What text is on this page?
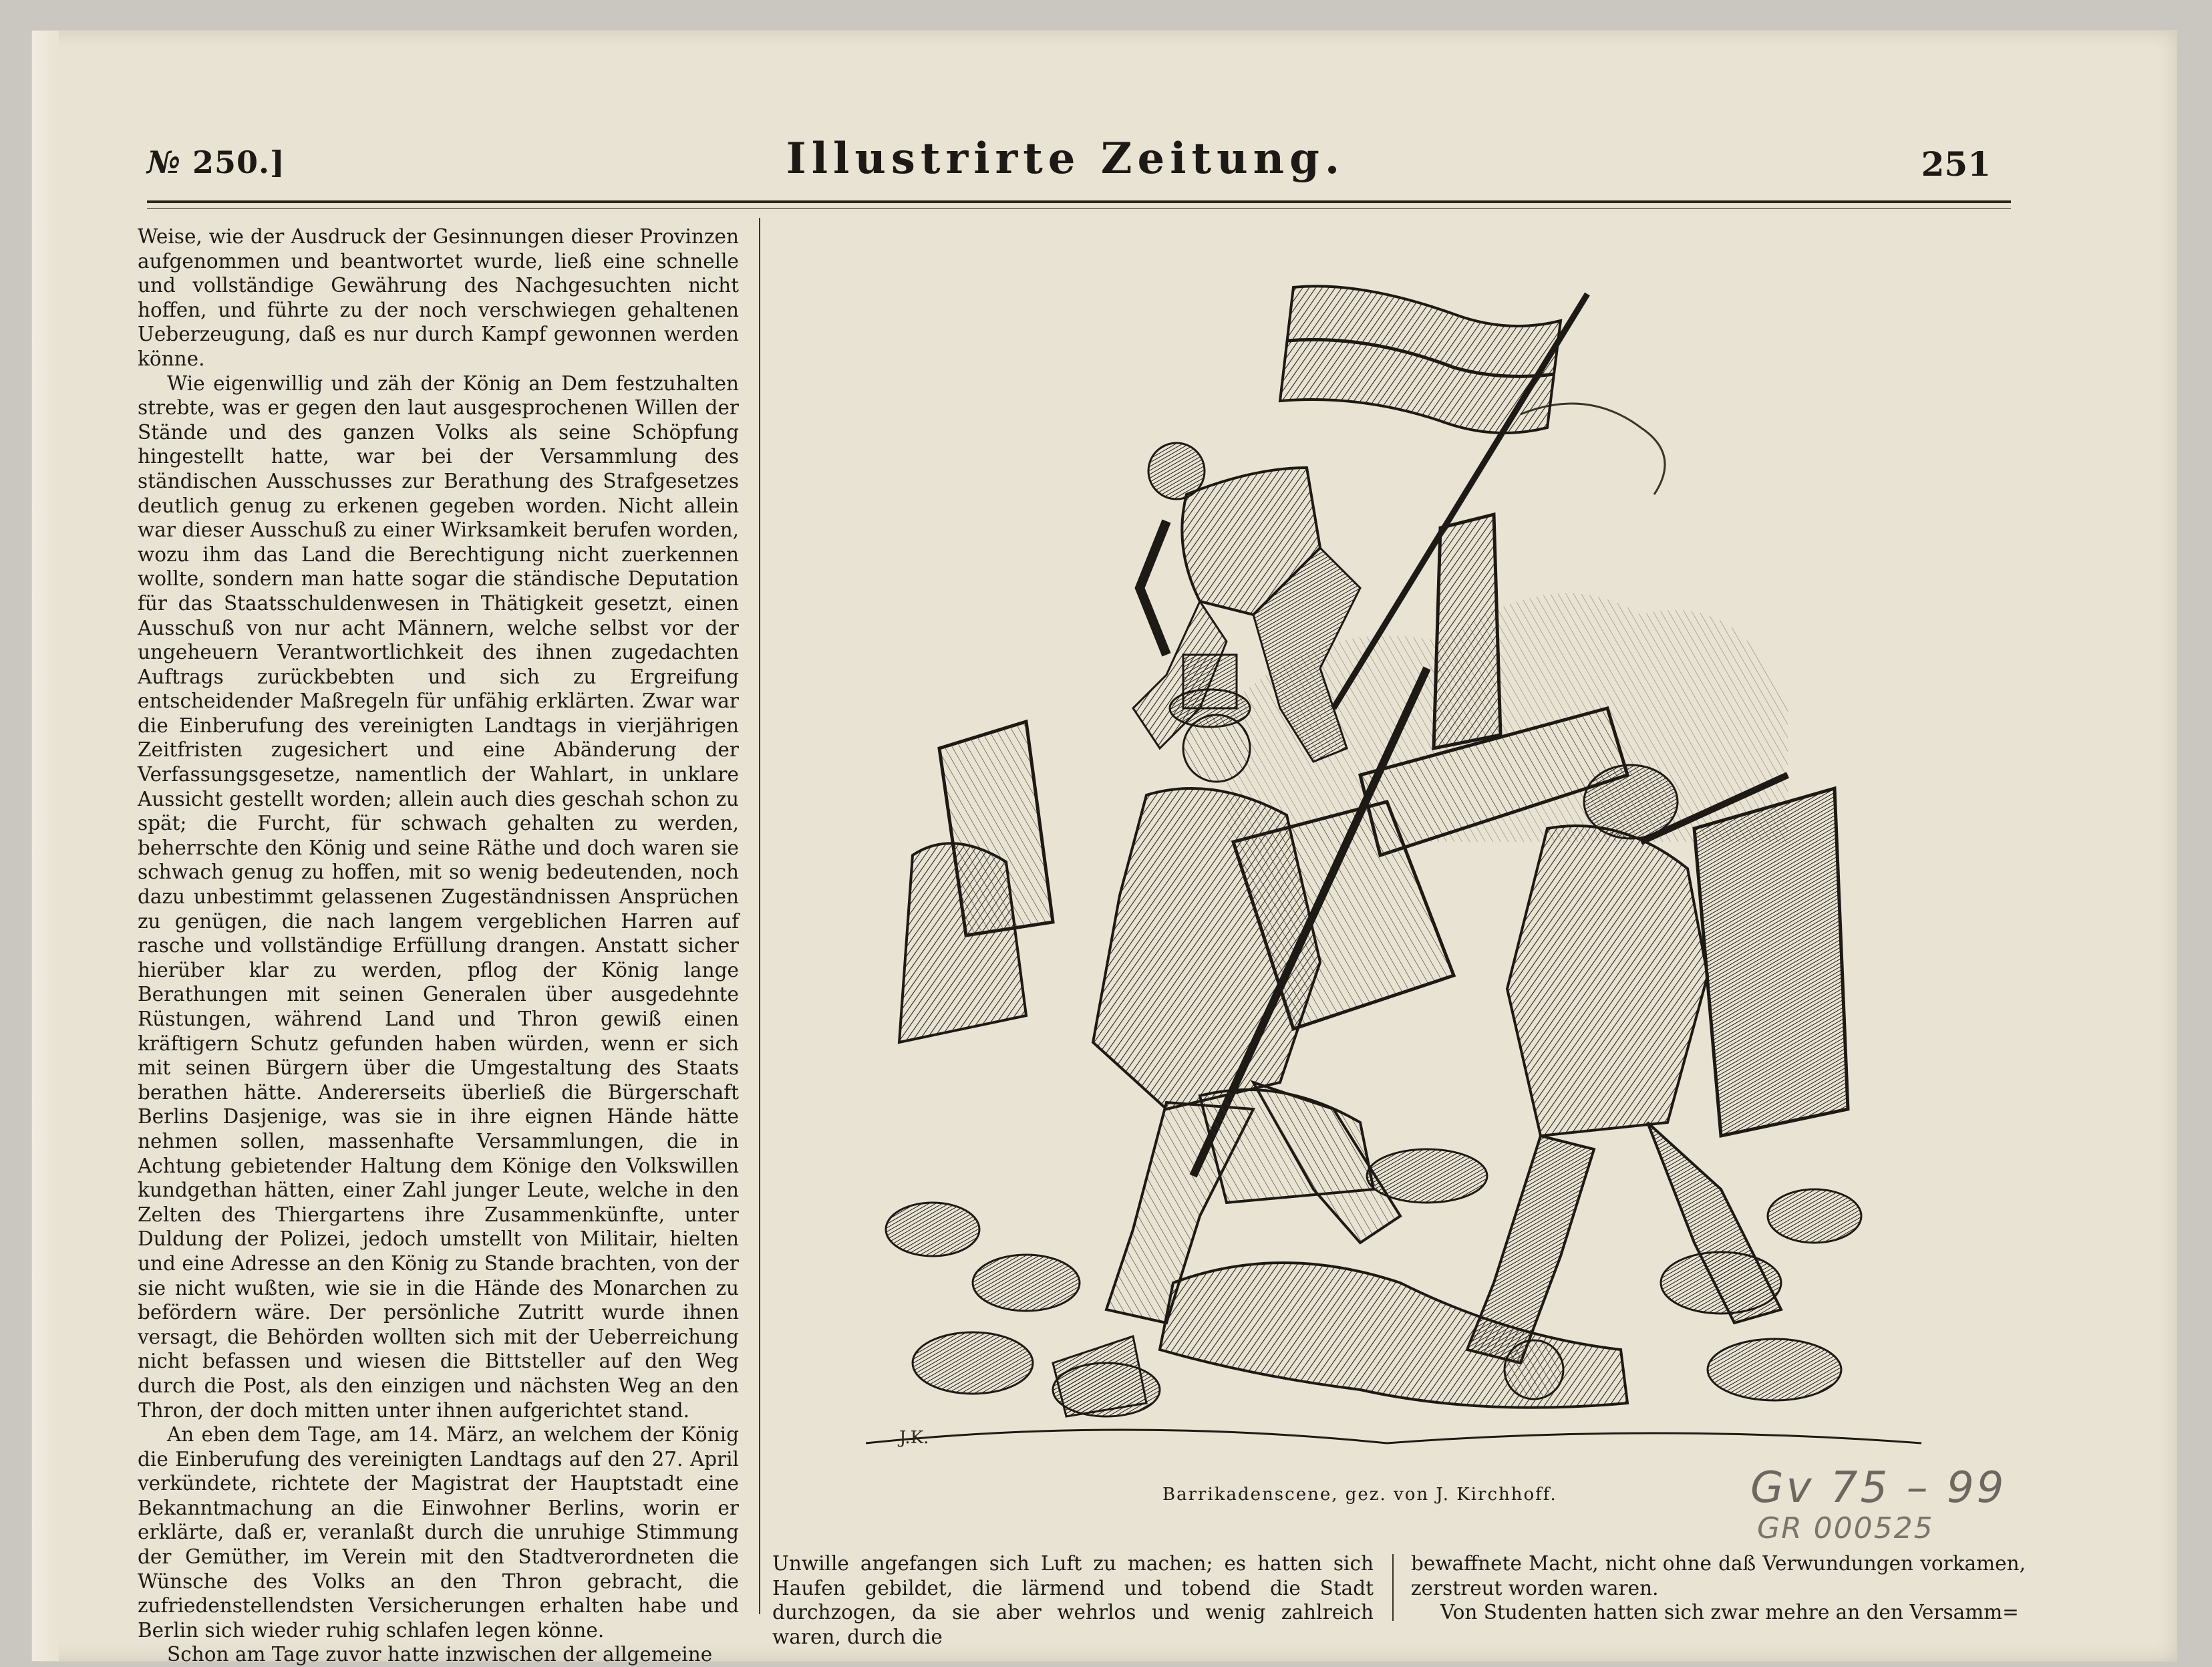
№ 250.]	Illustrirte Zeitung.	251

Weise, wie der Ausdruck der Gesinnungen dieser Provinzen aufgenommen und beantwortet wurde, ließ eine schnelle und vollständige Gewährung des Nachgesuchten nicht hoffen, und führte zu der noch verschwiegen gehaltenen Ueberzeugung, daß es nur durch Kampf gewonnen werden könne.

Wie eigenwillig und zäh der König an Dem festzuhalten strebte, was er gegen den laut ausgesprochenen Willen der Stände und des ganzen Volks als seine Schöpfung hingestellt hatte, war bei der Versammlung des ständischen Ausschusses zur Berathung des Strafgesetzes deutlich genug zu erkenen gegeben worden. Nicht allein war dieser Ausschuß zu einer Wirksamkeit berufen worden, wozu ihm das Land die Berechtigung nicht zuerkennen wollte, sondern man hatte sogar die ständische Deputation für das Staatsschuldenwesen in Thätigkeit gesetzt, einen Ausschuß von nur acht Männern, welche selbst vor der ungeheuern Verantwortlichkeit des ihnen zugedachten Auftrags zurückbebten und sich zu Ergreifung entscheidender Maßregeln für unfähig erklärten. Zwar war die Einberufung des vereinigten Landtags in vierjährigen Zeitfristen zugesichert und eine Abänderung der Verfassungsgesetze, namentlich der Wahlart, in unklare Aussicht gestellt worden; allein auch dies geschah schon zu spät; die Furcht, für schwach gehalten zu werden, beherrschte den König und seine Räthe und doch waren sie schwach genug zu hoffen, mit so wenig bedeutenden, noch dazu unbestimmt gelassenen Zugeständnissen Ansprüchen zu genügen, die nach langem vergeblichen Harren auf rasche und vollständige Erfüllung drangen. Anstatt sicher hierüber klar zu werden, pflog der König lange Berathungen mit seinen Generalen über ausgedehnte Rüstungen, während Land und Thron gewiß einen kräftigern Schutz gefunden haben würden, wenn er sich mit seinen Bürgern über die Umgestaltung des Staats berathen hätte. Andererseits überließ die Bürgerschaft Berlins Dasjenige, was sie in ihre eignen Hände hätte nehmen sollen, massenhafte Versammlungen, die in Achtung gebietender Haltung dem Könige den Volkswillen kundgethan hätten, einer Zahl junger Leute, welche in den Zelten des Thiergartens ihre Zusammenkünfte, unter Duldung der Polizei, jedoch umstellt von Militair, hielten und eine Adresse an den König zu Stande brachten, von der sie nicht wußten, wie sie in die Hände des Monarchen zu befördern wäre. Der persönliche Zutritt wurde ihnen versagt, die Behörden wollten sich mit der Ueberreichung nicht befassen und wiesen die Bittsteller auf den Weg durch die Post, als den einzigen und nächsten Weg an den Thron, der doch mitten unter ihnen aufgerichtet stand.

An eben dem Tage, am 14. März, an welchem der König die Einberufung des vereinigten Landtags auf den 27. April verkündete, richtete der Magistrat der Hauptstadt eine Bekanntmachung an die Einwohner Berlins, worin er erklärte, daß er, veranlaßt durch die unruhige Stimmung der Gemüther, im Verein mit den Stadtverordneten die Wünsche des Volks an den Thron gebracht, die zufriedenstellendsten Versicherungen erhalten habe und Berlin sich wieder ruhig schlafen legen könne.

Schon am Tage zuvor hatte inzwischen der allgemeine

J.K.
Barrikadenscene, gez. von J. Kirchhoff.	Gv 75 – 99
GR 000525

Unwille angefangen sich Luft zu machen; es hatten sich Haufen gebildet, die lärmend und tobend die Stadt durchzogen, da sie aber wehrlos und wenig zahlreich waren, durch die

bewaffnete Macht, nicht ohne daß Verwundungen vorkamen, zerstreut worden waren.

Von Studenten hatten sich zwar mehre an den Versamm=
